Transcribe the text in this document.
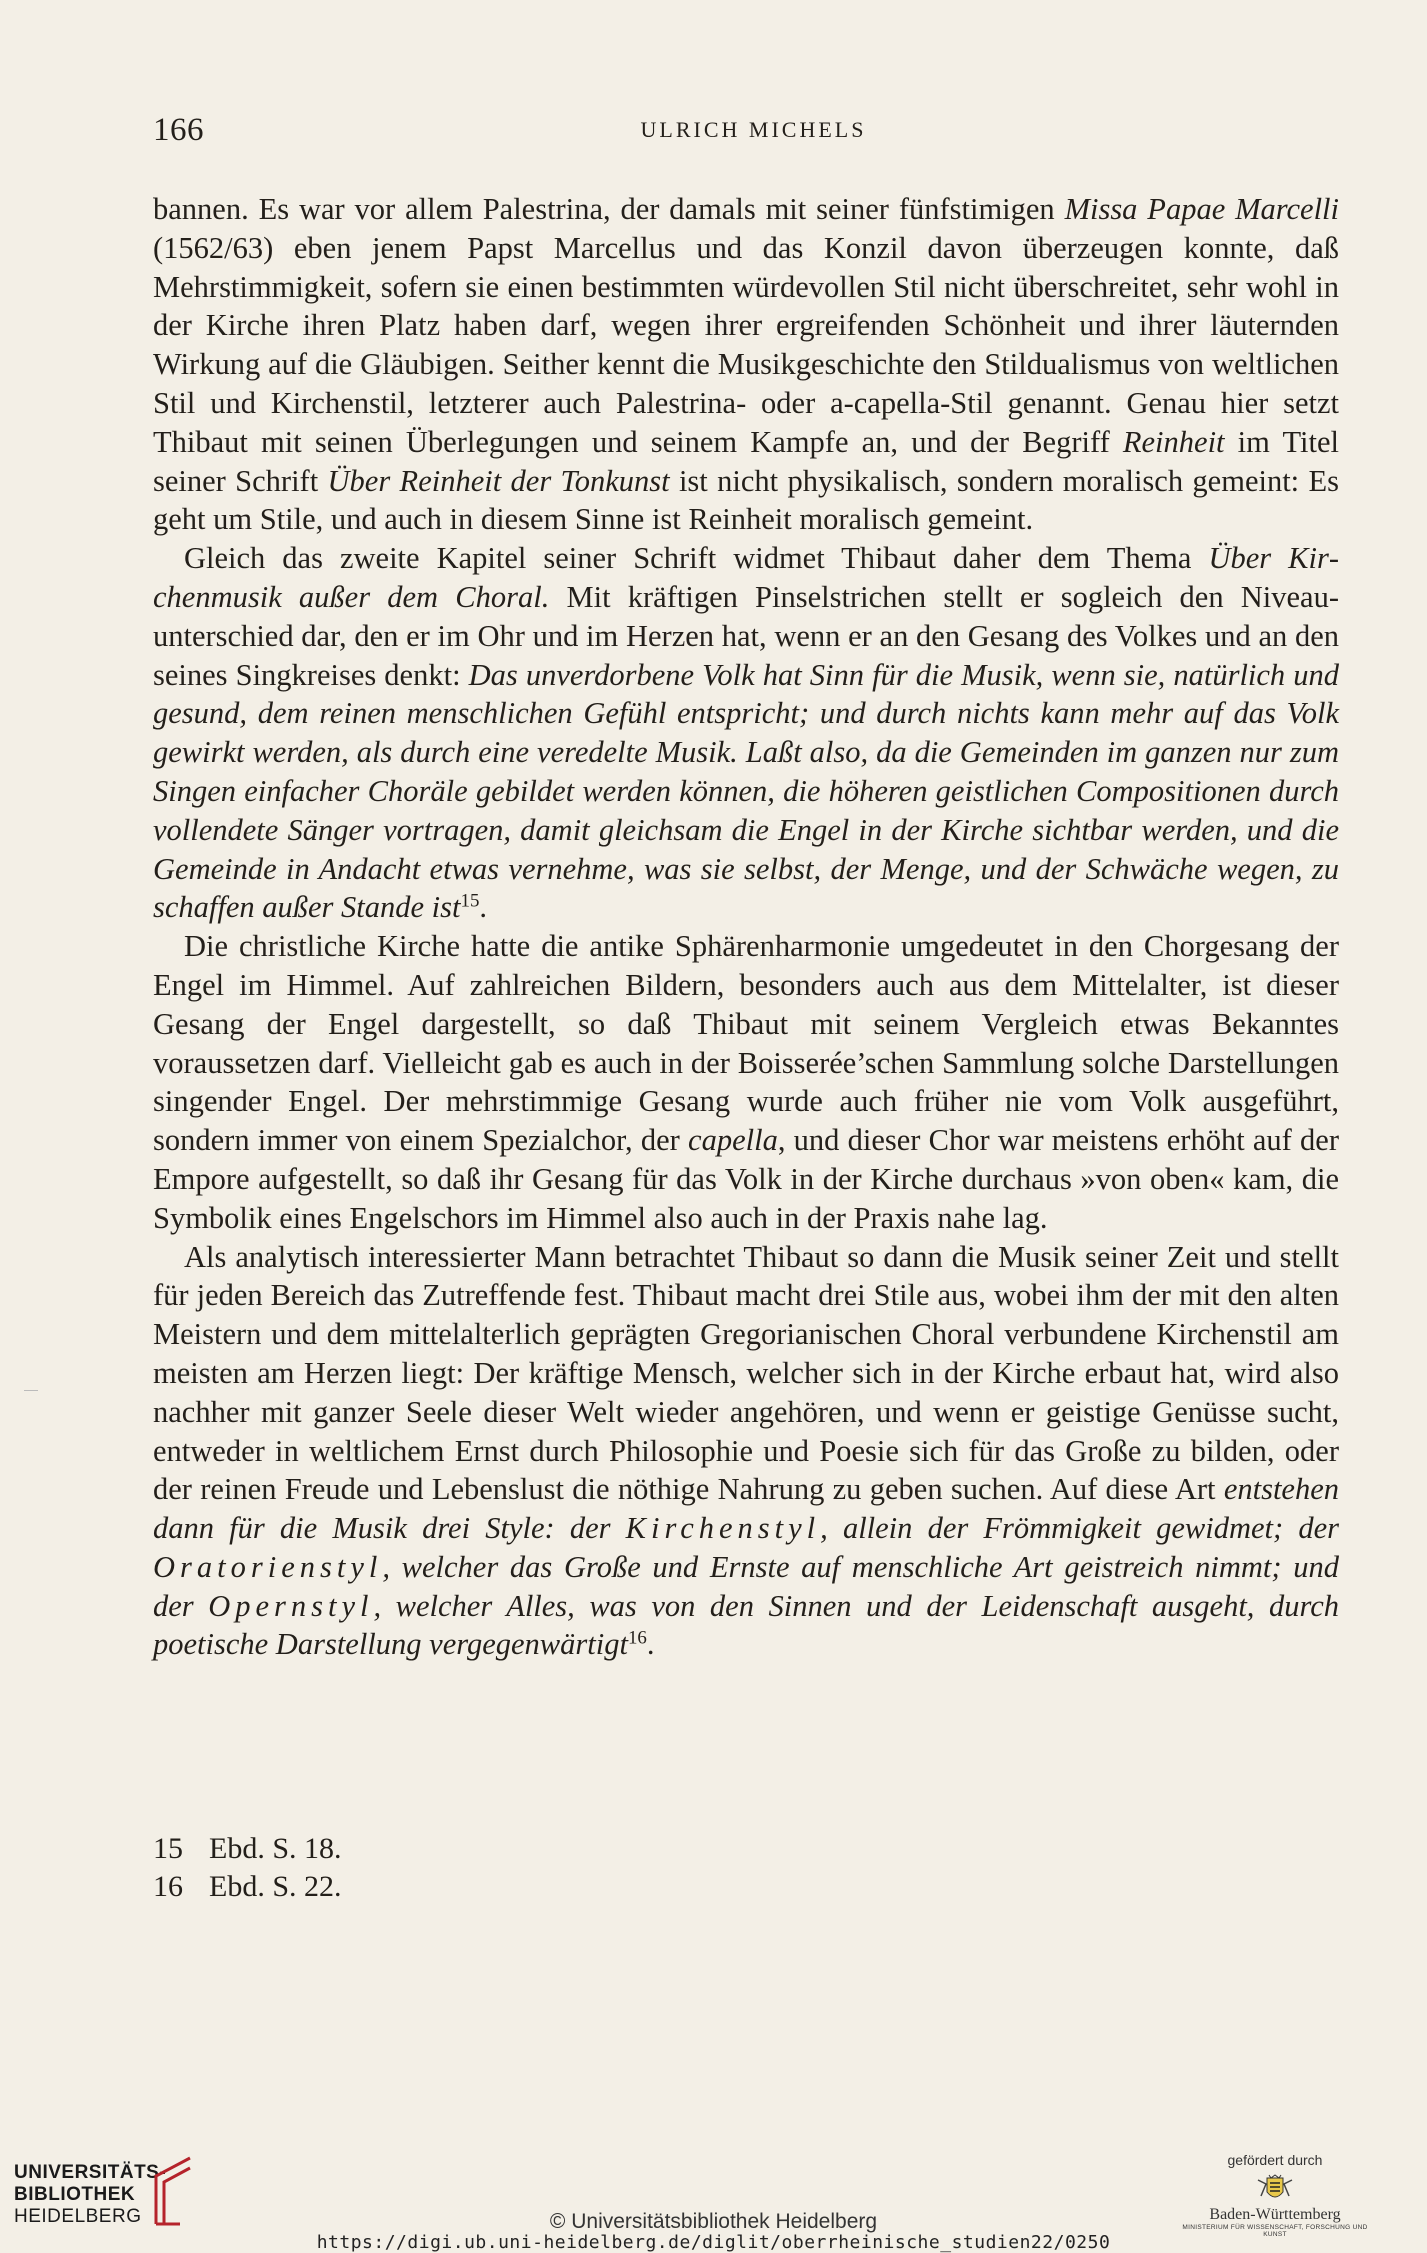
166	ULRICH MICHELS

bannen. Es war vor allem Palestrina, der damals mit seiner fünfstimigen Missa Papae Marcelli (1562/63) eben jenem Papst Marcellus und das Konzil davon überzeugen konnte, daß Mehrstimmigkeit, sofern sie einen bestimmten würdevollen Stil nicht überschreitet, sehr wohl in der Kirche ihren Platz haben darf, wegen ihrer ergreifenden Schönheit und ihrer läuternden Wirkung auf die Gläubigen. Seither kennt die Musikgeschichte den Stildualismus von weltlichen Stil und Kirchenstil, letzterer auch Palestrina- oder a-capella-Stil genannt. Genau hier setzt Thibaut mit seinen Überlegungen und seinem Kampfe an, und der Begriff Reinheit im Titel seiner Schrift Über Reinheit der Tonkunst ist nicht physikalisch, sondern moralisch gemeint: Es geht um Stile, und auch in diesem Sinne ist Reinheit moralisch gemeint.

Gleich das zweite Kapitel seiner Schrift widmet Thibaut daher dem Thema Über Kirchenmusik außer dem Choral. Mit kräftigen Pinselstrichen stellt er sogleich den Niveauunterschied dar, den er im Ohr und im Herzen hat, wenn er an den Gesang des Volkes und an den seines Singkreises denkt: Das unverdorbene Volk hat Sinn für die Musik, wenn sie, natürlich und gesund, dem reinen menschlichen Gefühl entspricht; und durch nichts kann mehr auf das Volk gewirkt werden, als durch eine veredelte Musik. Laßt also, da die Gemeinden im ganzen nur zum Singen einfacher Choräle gebildet werden können, die höheren geistlichen Compositionen durch vollendete Sänger vortragen, damit gleichsam die Engel in der Kirche sichtbar werden, und die Gemeinde in Andacht etwas vernehme, was sie selbst, der Menge, und der Schwäche wegen, zu schaffen außer Stande ist$^{15}$.

Die christliche Kirche hatte die antike Sphärenharmonie umgedeutet in den Chorgesang der Engel im Himmel. Auf zahlreichen Bildern, besonders auch aus dem Mittelalter, ist dieser Gesang der Engel dargestellt, so daß Thibaut mit seinem Vergleich etwas Bekanntes voraussetzen darf. Vielleicht gab es auch in der Boisserée’schen Sammlung solche Darstellungen singender Engel. Der mehrstimmige Gesang wurde auch früher nie vom Volk ausgeführt, sondern immer von einem Spezialchor, der capella, und dieser Chor war meistens erhöht auf der Empore aufgestellt, so daß ihr Gesang für das Volk in der Kirche durchaus »von oben« kam, die Symbolik eines Engelschors im Himmel also auch in der Praxis nahe lag.

Als analytisch interessierter Mann betrachtet Thibaut so dann die Musik seiner Zeit und stellt für jeden Bereich das Zutreffende fest. Thibaut macht drei Stile aus, wobei ihm der mit den alten Meistern und dem mittelalterlich geprägten Gregorianischen Choral verbundene Kirchenstil am meisten am Herzen liegt: Der kräftige Mensch, welcher sich in der Kirche erbaut hat, wird also nachher mit ganzer Seele dieser Welt wieder angehören, und wenn er geistige Genüsse sucht, entweder in weltlichem Ernst durch Philosophie und Poesie sich für das Große zu bilden, oder der reinen Freude und Lebenslust die nöthige Nahrung zu geben suchen. Auf diese Art entstehen dann für die Musik drei Style: der Kirchenstyl, allein der Frömmigkeit gewidmet; der Oratorienstyl, welcher das Große und Ernste auf menschliche Art geistreich nimmt; und der Opernstyl, welcher Alles, was von den Sinnen und der Leidenschaft ausgeht, durch poetische Darstellung vergegenwärtigt$^{16}$.

15 Ebd. S. 18.
16 Ebd. S. 22.
UNIVERSITÄTS-
BIBLIOTHEK
HEIDELBERG	© Universitätsbibliothek Heidelberg
https://digi.ub.uni-heidelberg.de/diglit/oberrheinische_studien22/0250
gefördert durch
Baden-Württemberg
MINISTERIUM FÜR WISSENSCHAFT, FORSCHUNG UND KUNST
